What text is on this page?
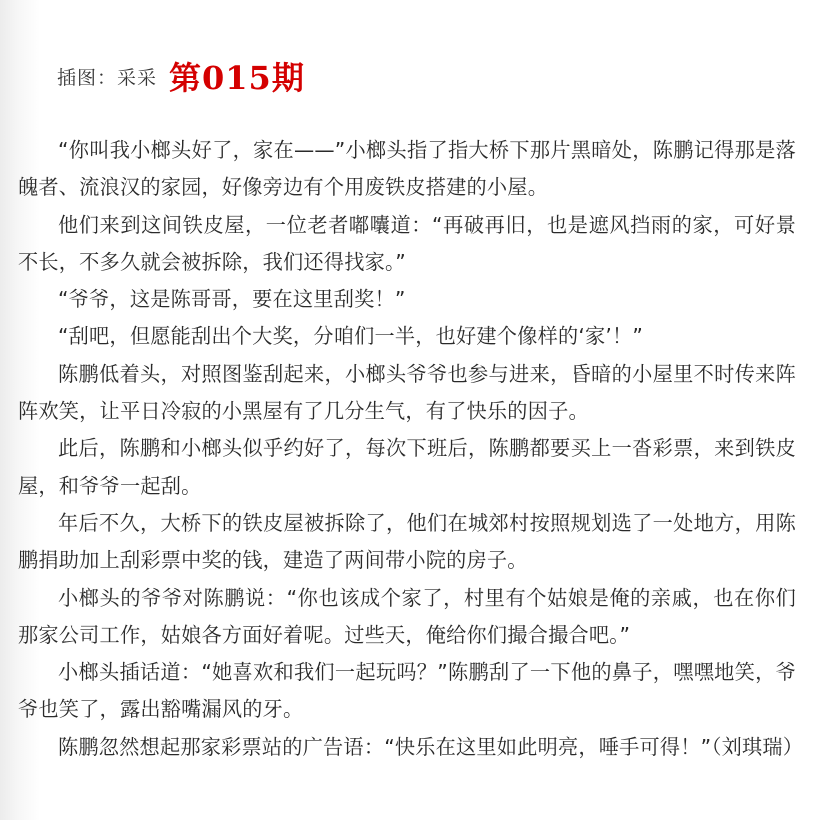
插图：采采 第015期

“你叫我小榔头好了，家在——”小榔头指了指大桥下那片黑暗处，陈鹏记得那是落魄者、流浪汉的家园，好像旁边有个用废铁皮搭建的小屋。

他们来到这间铁皮屋，一位老者嘟囔道：“再破再旧，也是遮风挡雨的家，可好景不长，不多久就会被拆除，我们还得找家。”

“爷爷，这是陈哥哥，要在这里刮奖！”

“刮吧，但愿能刮出个大奖，分咱们一半，也好建个像样的‘家’！”

陈鹏低着头，对照图鉴刮起来，小榔头爷爷也参与进来，昏暗的小屋里不时传来阵阵欢笑，让平日冷寂的小黑屋有了几分生气，有了快乐的因子。

此后，陈鹏和小榔头似乎约好了，每次下班后，陈鹏都要买上一沓彩票，来到铁皮屋，和爷爷一起刮。

年后不久，大桥下的铁皮屋被拆除了，他们在城郊村按照规划选了一处地方，用陈鹏捐助加上刮彩票中奖的钱，建造了两间带小院的房子。

小榔头的爷爷对陈鹏说：“你也该成个家了，村里有个姑娘是俺的亲戚，也在你们那家公司工作，姑娘各方面好着呢。过些天，俺给你们撮合撮合吧。”

小榔头插话道：“她喜欢和我们一起玩吗？”陈鹏刮了一下他的鼻子，嘿嘿地笑，爷爷也笑了，露出豁嘴漏风的牙。

陈鹏忽然想起那家彩票站的广告语：“快乐在这里如此明亮，唾手可得！”（刘琪瑞）
